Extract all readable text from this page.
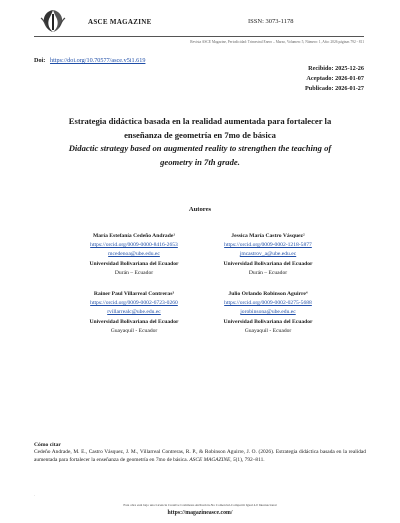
ASCE MAGAZINE	ISSN: 3073-1178
Revista ASCE Magazine, Periodicidad: Trimestral Enero – Marzo, Volumen: 5, Número: 1, Año: 2026 páginas 792 - 811
Doi: https://doi.org/10.70577/asce.v5i1.619
Recibido: 2025-12-26
Aceptado: 2026-01-07
Publicado: 2026-01-27
Estrategia didáctica basada en la realidad aumentada para fortalecer la
enseñanza de geometría en 7mo de básica
Didactic strategy based on augmented reality to strengthen the teaching of
geometry in 7th grade.
Autores
María Estefanía Cedeño Andrade¹
https://orcid.org/0009-0000-8416-2653
mcedenoa@ube.edu.ec
Universidad Bolivariana del Ecuador
Durán – Ecuador
Jessica María Castro Vásquez²
https://orcid.org/0009-0002-1218-5877
jmcastrov_a@ube.edu.ec
Universidad Bolivariana del Ecuador
Durán – Ecuador
Rainer Paul Villarreal Contreras³
https://orcid.org/0009-0002-6723-0260
rvillarrealc@ube.edu.ec
Universidad Bolivariana del Ecuador
Guayaquil - Ecuador
Julio Orlando Robinson Aguirre⁴
https://orcid.org/0009-0002-0275-5688
jorobinsona@ube.edu.ec
Universidad Bolivariana del Ecuador
Guayaquil - Ecuador
Cómo citar
Cedeño Andrade, M. E., Castro Vásquez, J. M., Villarreal Contreras, R. P., & Robinson Aguirre, J. O. (2026). Estrategia didáctica basada en la realidad aumentada para fortalecer la enseñanza de geometría en 7mo de básica. ASCE MAGAZINE, 5(1), 792–811.
.
Esta obra está bajo una Licencia Creative Commons Atribución-No Comercial-Compartir Igual 4.0 Internacional
https://magazineasce.com/
